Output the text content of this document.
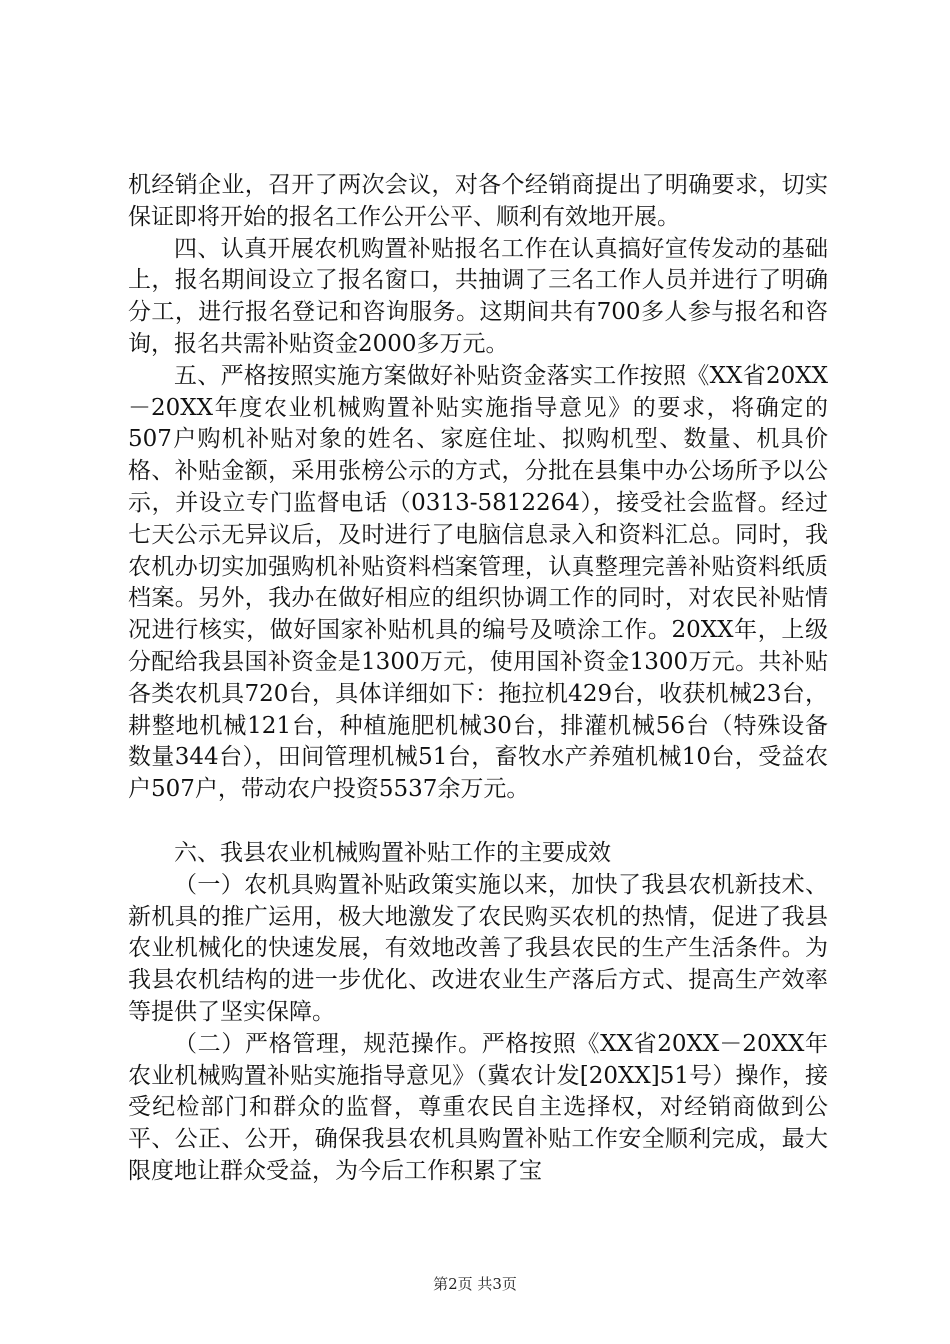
机经销企业，召开了两次会议，对各个经销商提出了明确要求，切实保证即将开始的报名工作公开公平、顺利有效地开展。

四、认真开展农机购置补贴报名工作在认真搞好宣传发动的基础上，报名期间设立了报名窗口，共抽调了三名工作人员并进行了明确分工，进行报名登记和咨询服务。这期间共有700多人参与报名和咨询，报名共需补贴资金2000多万元。

五、严格按照实施方案做好补贴资金落实工作按照《XX省20XX－20XX年度农业机械购置补贴实施指导意见》的要求，将确定的507户购机补贴对象的姓名、家庭住址、拟购机型、数量、机具价格、补贴金额，采用张榜公示的方式，分批在县集中办公场所予以公示，并设立专门监督电话（0313-5812264），接受社会监督。经过七天公示无异议后，及时进行了电脑信息录入和资料汇总。同时，我农机办切实加强购机补贴资料档案管理，认真整理完善补贴资料纸质档案。另外，我办在做好相应的组织协调工作的同时，对农民补贴情况进行核实，做好国家补贴机具的编号及喷涂工作。20XX年，上级分配给我县国补资金是1300万元，使用国补资金1300万元。共补贴各类农机具720台，具体详细如下：拖拉机429台，收获机械23台，耕整地机械121台，种植施肥机械30台，排灌机械56台（特殊设备数量344台），田间管理机械51台，畜牧水产养殖机械10台，受益农户507户，带动农户投资5537余万元。

六、我县农业机械购置补贴工作的主要成效

（一）农机具购置补贴政策实施以来，加快了我县农机新技术、新机具的推广运用，极大地激发了农民购买农机的热情，促进了我县农业机械化的快速发展，有效地改善了我县农民的生产生活条件。为我县农机结构的进一步优化、改进农业生产落后方式、提高生产效率等提供了坚实保障。

（二）严格管理，规范操作。严格按照《XX省20XX－20XX年农业机械购置补贴实施指导意见》（冀农计发[20XX]51号）操作，接受纪检部门和群众的监督，尊重农民自主选择权，对经销商做到公平、公正、公开，确保我县农机具购置补贴工作安全顺利完成，最大限度地让群众受益，为今后工作积累了宝

第2页 共3页
